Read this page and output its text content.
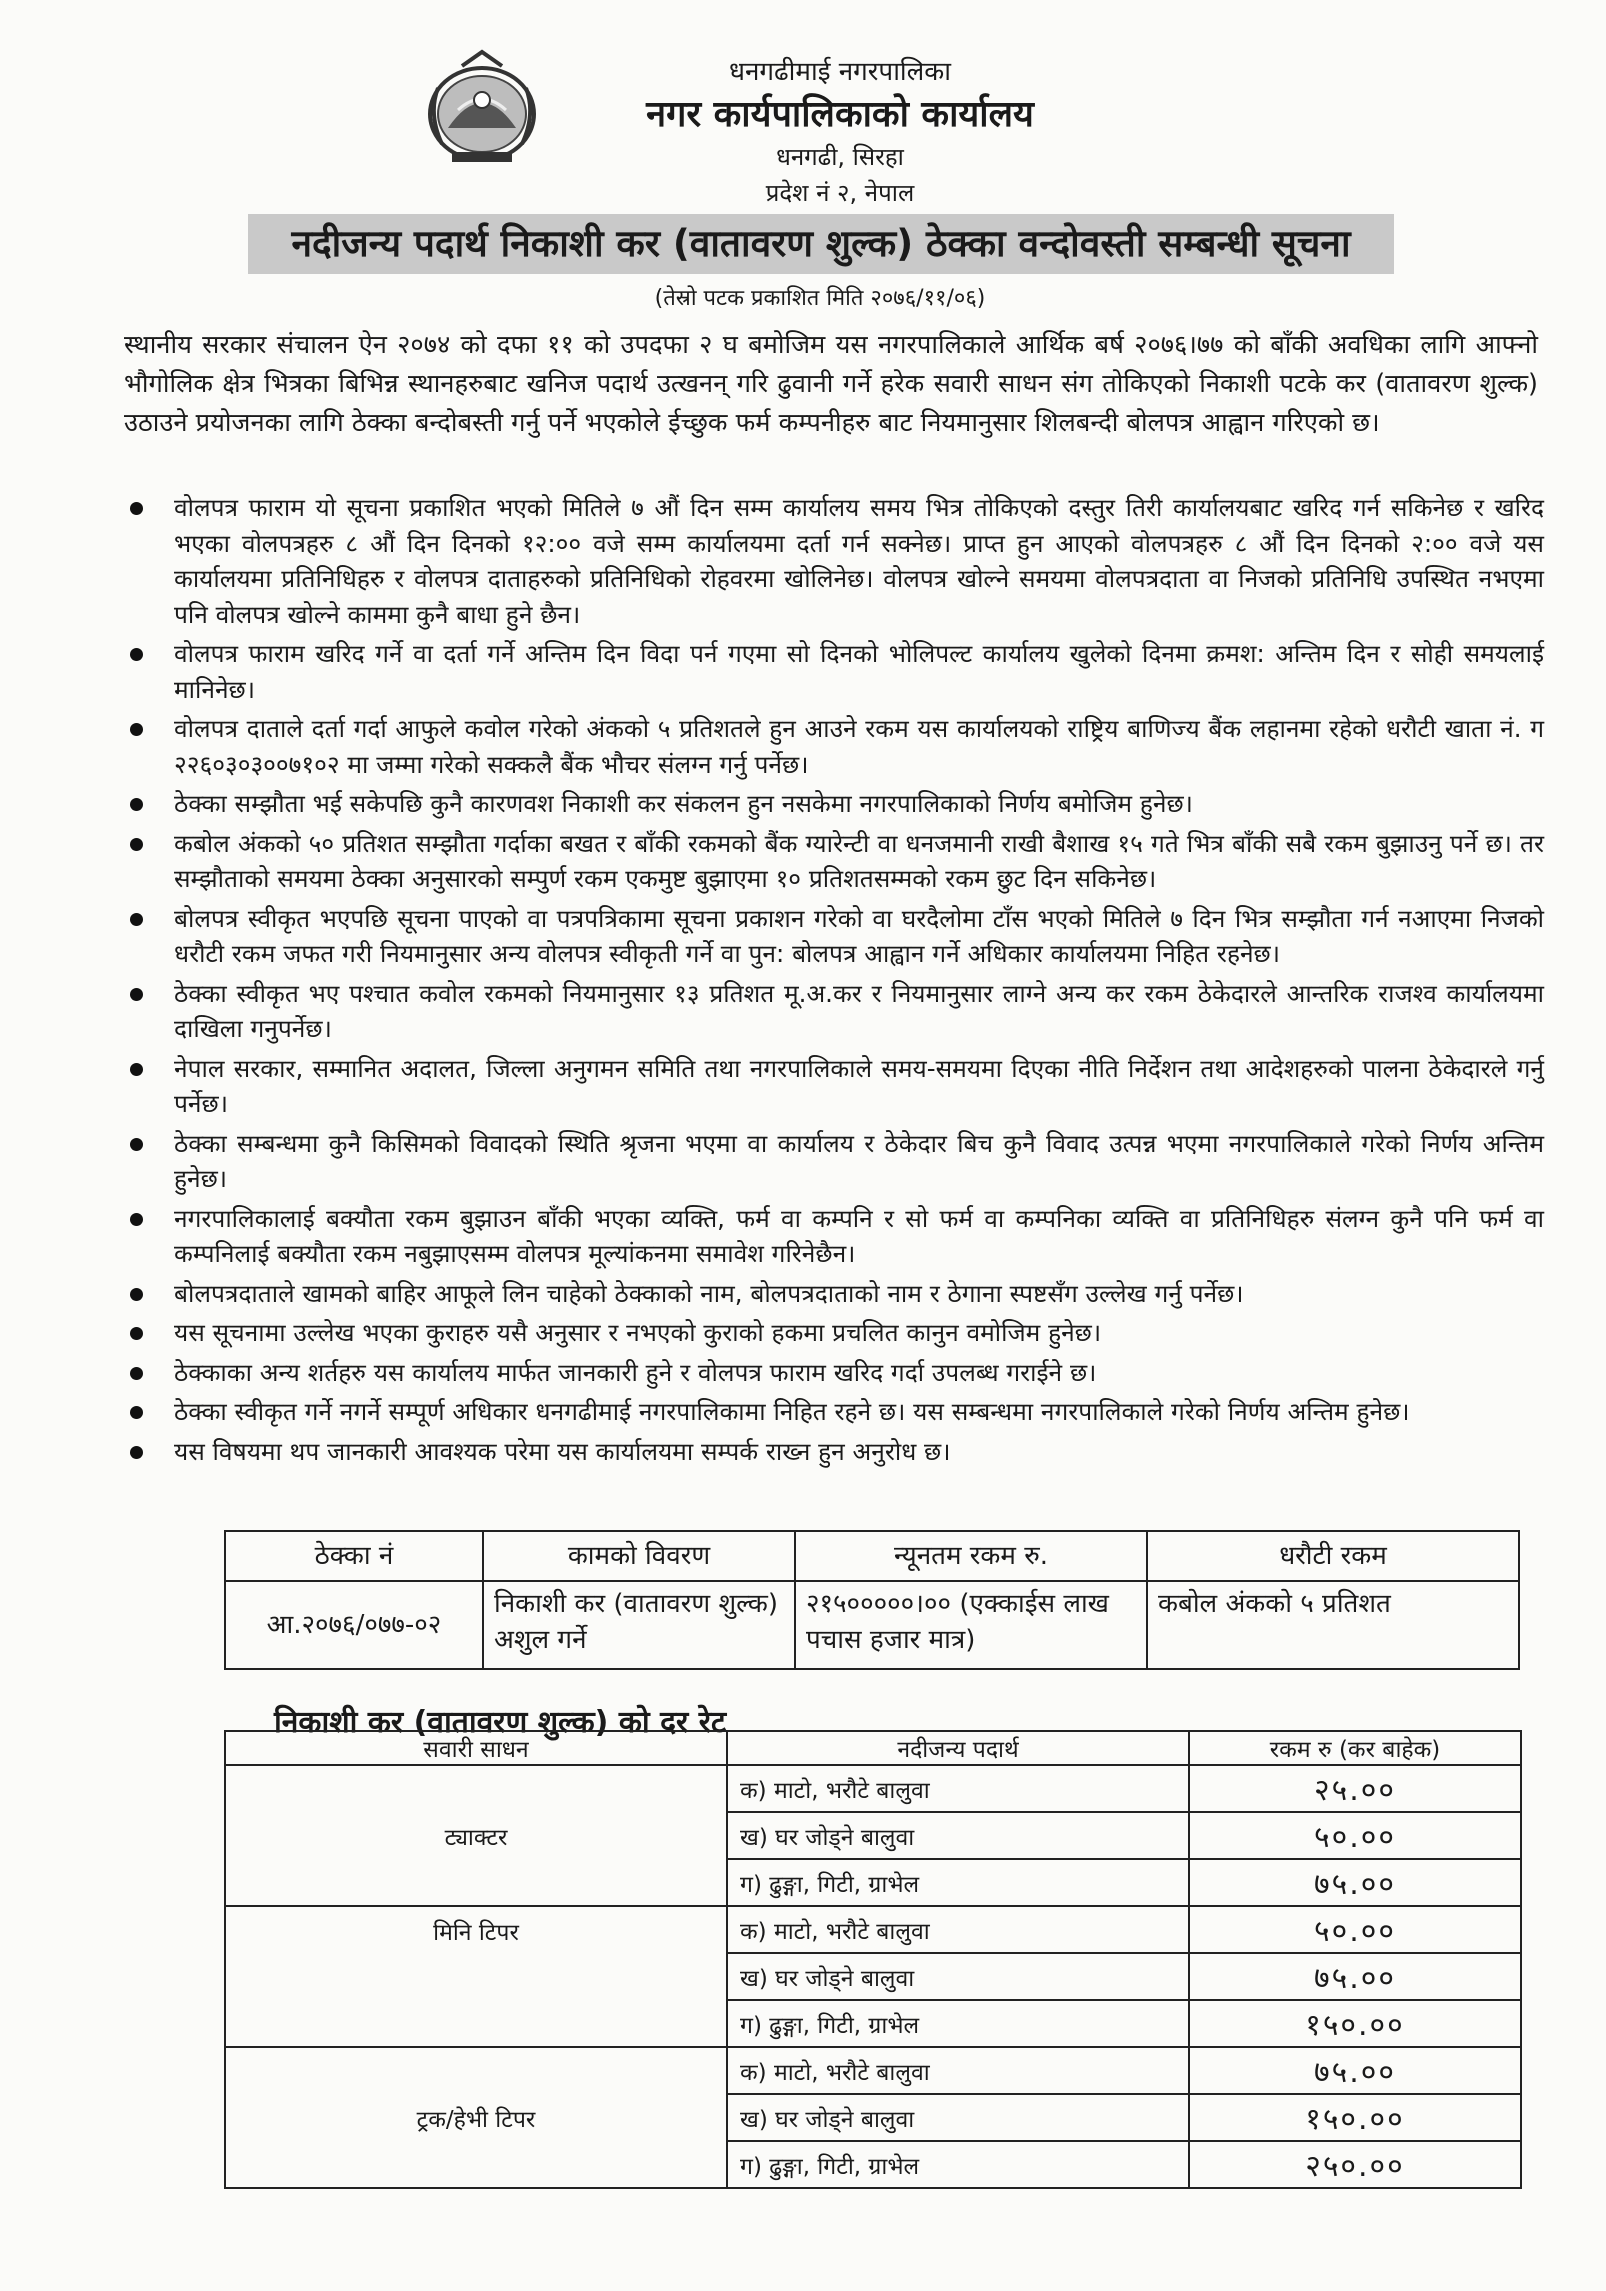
धनगढीमाई नगरपालिका
नगर कार्यपालिकाको कार्यालय
धनगढी, सिरहा
प्रदेश नं २, नेपाल
नदीजन्य पदार्थ निकाशी कर (वातावरण शुल्क) ठेक्का वन्दोवस्ती सम्बन्धी सूचना
(तेस्रो पटक प्रकाशित मिति २०७६/११/०६)
स्थानीय सरकार संचालन ऐन २०७४ को दफा ११ को उपदफा २ घ बमोजिम यस नगरपालिकाले आर्थिक बर्ष २०७६।७७ को बाँकी अवधिका लागि आफ्नो भौगोलिक क्षेत्र भित्रका बिभिन्न स्थानहरुबाट खनिज पदार्थ उत्खनन् गरि ढुवानी गर्ने हरेक सवारी साधन संग तोकिएको निकाशी पटके कर (वातावरण शुल्क) उठाउने प्रयोजनका लागि ठेक्का बन्दोबस्ती गर्नु पर्ने भएकोले ईच्छुक फर्म कम्पनीहरु बाट नियमानुसार शिलबन्दी बोलपत्र आह्वान गरिएको छ।
वोलपत्र फाराम यो सूचना प्रकाशित भएको मितिले ७ औं दिन सम्म कार्यालय समय भित्र तोकिएको दस्तुर तिरी कार्यालयबाट खरिद गर्न सकिनेछ र खरिद भएका वोलपत्रहरु ८ औं दिन दिनको १२:०० वजे सम्म कार्यालयमा दर्ता गर्न सक्नेछ। प्राप्त हुन आएको वोलपत्रहरु ८ औं दिन दिनको २:०० वजे यस कार्यालयमा प्रतिनिधिहरु र वोलपत्र दाताहरुको प्रतिनिधिको रोहवरमा खोलिनेछ। वोलपत्र खोल्ने समयमा वोलपत्रदाता वा निजको प्रतिनिधि उपस्थित नभएमा पनि वोलपत्र खोल्ने काममा कुनै बाधा हुने छैन।
वोलपत्र फाराम खरिद गर्ने वा दर्ता गर्ने अन्तिम दिन विदा पर्न गएमा सो दिनको भोलिपल्ट कार्यालय खुलेको दिनमा क्रमश: अन्तिम दिन र सोही समयलाई मानिनेछ।
वोलपत्र दाताले दर्ता गर्दा आफुले कवोल गरेको अंकको ५ प्रतिशतले हुन आउने रकम यस कार्यालयको राष्ट्रिय बाणिज्य बैंक लहानमा रहेको धरौटी खाता नं. ग २२६०३०३००७१०२ मा जम्मा गरेको सक्कलै बैंक भौचर संलग्न गर्नु पर्नेछ।
ठेक्का सम्झौता भई सकेपछि कुनै कारणवश निकाशी कर संकलन हुन नसकेमा नगरपालिकाको निर्णय बमोजिम हुनेछ।
कबोल अंकको ५० प्रतिशत सम्झौता गर्दाका बखत र बाँकी रकमको बैंक ग्यारेन्टी वा धनजमानी राखी बैशाख १५ गते भित्र बाँकी सबै रकम बुझाउनु पर्ने छ। तर सम्झौताको समयमा ठेक्का अनुसारको सम्पुर्ण रकम एकमुष्ट बुझाएमा १० प्रतिशतसम्मको रकम छुट दिन सकिनेछ।
बोलपत्र स्वीकृत भएपछि सूचना पाएको वा पत्रपत्रिकामा सूचना प्रकाशन गरेको वा घरदैलोमा टाँस भएको मितिले ७ दिन भित्र सम्झौता गर्न नआएमा निजको धरौटी रकम जफत गरी नियमानुसार अन्य वोलपत्र स्वीकृती गर्ने वा पुन: बोलपत्र आह्वान गर्ने अधिकार कार्यालयमा निहित रहनेछ।
ठेक्का स्वीकृत भए पश्चात कवोल रकमको नियमानुसार १३ प्रतिशत मू.अ.कर र नियमानुसार लाग्ने अन्य कर रकम ठेकेदारले आन्तरिक राजश्व कार्यालयमा दाखिला गनुपर्नेछ।
नेपाल सरकार, सम्मानित अदालत, जिल्ला अनुगमन समिति तथा नगरपालिकाले समय-समयमा दिएका नीति निर्देशन तथा आदेशहरुको पालना ठेकेदारले गर्नु पर्नेछ।
ठेक्का सम्बन्धमा कुनै किसिमको विवादको स्थिति श्रृजना भएमा वा कार्यालय र ठेकेदार बिच कुनै विवाद उत्पन्न भएमा नगरपालिकाले गरेको निर्णय अन्तिम हुनेछ।
नगरपालिकालाई बक्यौता रकम बुझाउन बाँकी भएका व्यक्ति, फर्म वा कम्पनि र सो फर्म वा कम्पनिका व्यक्ति वा प्रतिनिधिहरु संलग्न कुनै पनि फर्म वा कम्पनिलाई बक्यौता रकम नबुझाएसम्म वोलपत्र मूल्यांकनमा समावेश गरिनेछैन।
बोलपत्रदाताले खामको बाहिर आफूले लिन चाहेको ठेक्काको नाम, बोलपत्रदाताको नाम र ठेगाना स्पष्टसँग उल्लेख गर्नु पर्नेछ।
यस सूचनामा उल्लेख भएका कुराहरु यसै अनुसार र नभएको कुराको हकमा प्रचलित कानुन वमोजिम हुनेछ।
ठेक्काका अन्य शर्तहरु यस कार्यालय मार्फत जानकारी हुने र वोलपत्र फाराम खरिद गर्दा उपलब्ध गराईने छ।
ठेक्का स्वीकृत गर्ने नगर्ने सम्पूर्ण अधिकार धनगढीमाई नगरपालिकामा निहित रहने छ। यस सम्बन्धमा नगरपालिकाले गरेको निर्णय अन्तिम हुनेछ।
यस विषयमा थप जानकारी आवश्यक परेमा यस कार्यालयमा सम्पर्क राख्न हुन अनुरोध छ।
ठेक्का नं	कामको विवरण	न्यूनतम रकम रु.	धरौटी रकम
आ.२०७६/०७७-०२	निकाशी कर (वातावरण शुल्क) अशुल गर्ने	२१५०००००।०० (एक्काईस लाख पचास हजार मात्र)	कबोल अंकको ५ प्रतिशत
निकाशी कर (वातावरण शुल्क) को दर रेट
सवारी साधन	नदीजन्य पदार्थ	रकम रु (कर बाहेक)
ट्याक्टर	क) माटो, भरौटे बालुवा	२५.००
	ख) घर जोड्ने बालुवा	५०.००
	ग) ढुङ्गा, गिटी, ग्राभेल	७५.००
मिनि टिपर	क) माटो, भरौटे बालुवा	५०.००
	ख) घर जोड्ने बालुवा	७५.००
	ग) ढुङ्गा, गिटी, ग्राभेल	१५०.००
ट्रक/हेभी टिपर	क) माटो, भरौटे बालुवा	७५.००
	ख) घर जोड्ने बालुवा	१५०.००
	ग) ढुङ्गा, गिटी, ग्राभेल	२५०.००
